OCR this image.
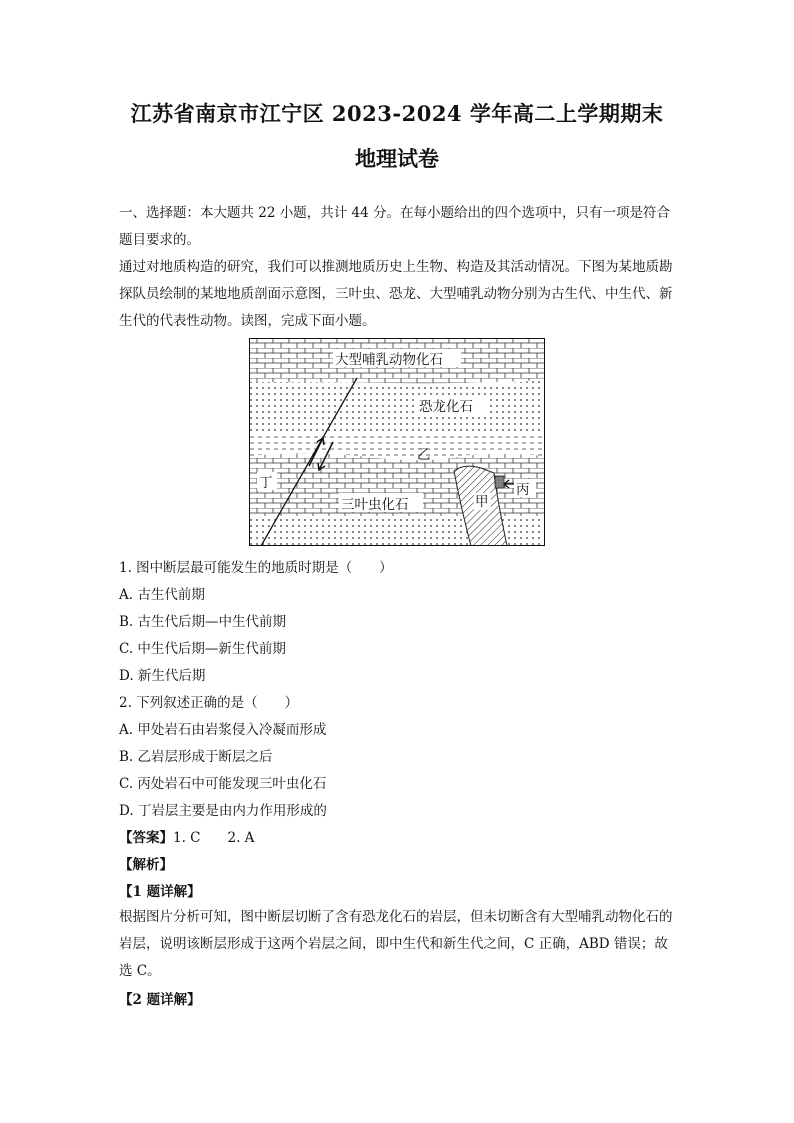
江苏省南京市江宁区 2023-2024 学年高二上学期期末
地理试卷
一、选择题：本大题共 22 小题，共计 44 分。在每小题给出的四个选项中，只有一项是符合题目要求的。
通过对地质构造的研究，我们可以推测地质历史上生物、构造及其活动情况。下图为某地质勘探队员绘制的某地地质剖面示意图，三叶虫、恐龙、大型哺乳动物分别为古生代、中生代、新生代的代表性动物。读图，完成下面小题。
大型哺乳动物化石
恐龙化石
乙
丁
三叶虫化石	甲
丙
1. 图中断层最可能发生的地质时期是（　　）
A. 古生代前期
B. 古生代后期—中生代前期
C. 中生代后期—新生代前期
D. 新生代后期
2. 下列叙述正确的是（　　）
A. 甲处岩石由岩浆侵入冷凝而形成
B. 乙岩层形成于断层之后
C. 丙处岩石中可能发现三叶虫化石
D. 丁岩层主要是由内力作用形成的
【答案】1. C　　2. A
【解析】
【1 题详解】
根据图片分析可知，图中断层切断了含有恐龙化石的岩层，但未切断含有大型哺乳动物化石的岩层，说明该断层形成于这两个岩层之间，即中生代和新生代之间，C 正确，ABD 错误；故选 C。
【2 题详解】
